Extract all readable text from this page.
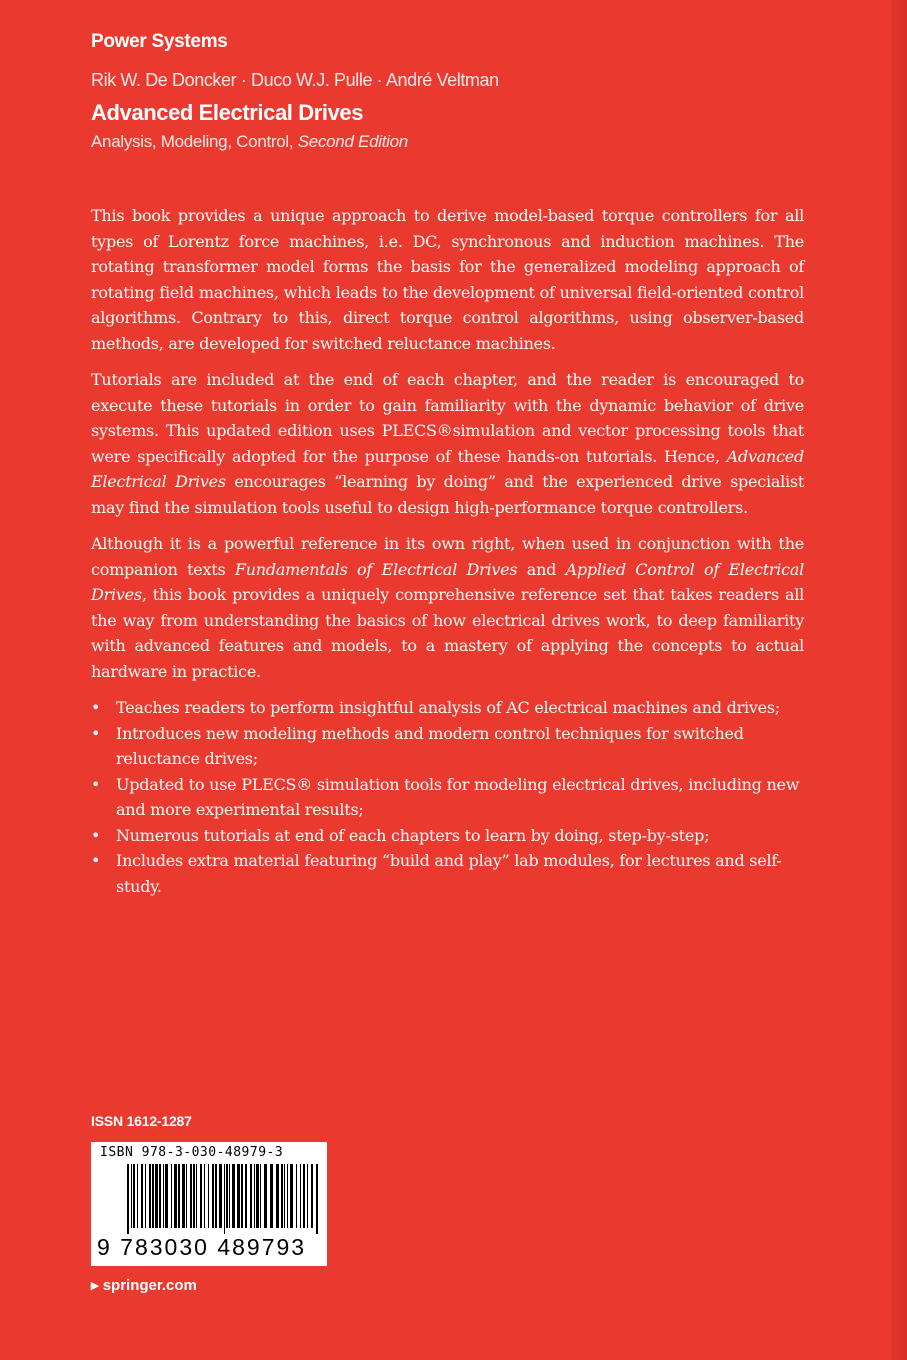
Power Systems
Rik W. De Doncker · Duco W.J. Pulle · André Veltman
Advanced Electrical Drives
Analysis, Modeling, Control, Second Edition

This book provides a unique approach to derive model-based torque controllers for all types of Lorentz force machines, i.e. DC, synchronous and induction machines. The rotating transformer model forms the basis for the generalized modeling approach of rotating field machines, which leads to the development of universal field-oriented control algorithms. Contrary to this, direct torque control algorithms, using observer-based methods, are developed for switched reluctance machines.

Tutorials are included at the end of each chapter, and the reader is encouraged to execute these tutorials in order to gain familiarity with the dynamic behavior of drive systems. This updated edition uses PLECS®simulation and vector processing tools that were specifically adopted for the purpose of these hands-on tutorials. Hence, Advanced Electrical Drives encourages “learning by doing” and the experienced drive specialist may find the simulation tools useful to design high-performance torque controllers.

Although it is a powerful reference in its own right, when used in conjunction with the companion texts Fundamentals of Electrical Drives and Applied Control of Electrical Drives, this book provides a uniquely comprehensive reference set that takes readers all the way from understanding the basics of how electrical drives work, to deep familiarity with advanced features and models, to a mastery of applying the concepts to actual hardware in practice.

• Teaches readers to perform insightful analysis of AC electrical machines and drives;
• Introduces new modeling methods and modern control techniques for switched reluctance drives;
• Updated to use PLECS® simulation tools for modeling electrical drives, including new and more experimental results;
• Numerous tutorials at end of each chapters to learn by doing, step-by-step;
• Includes extra material featuring “build and play” lab modules, for lectures and self-study.
ISSN 1612-1287
ISBN 978-3-030-48979-3
9 783030 489793
▸ springer.com
